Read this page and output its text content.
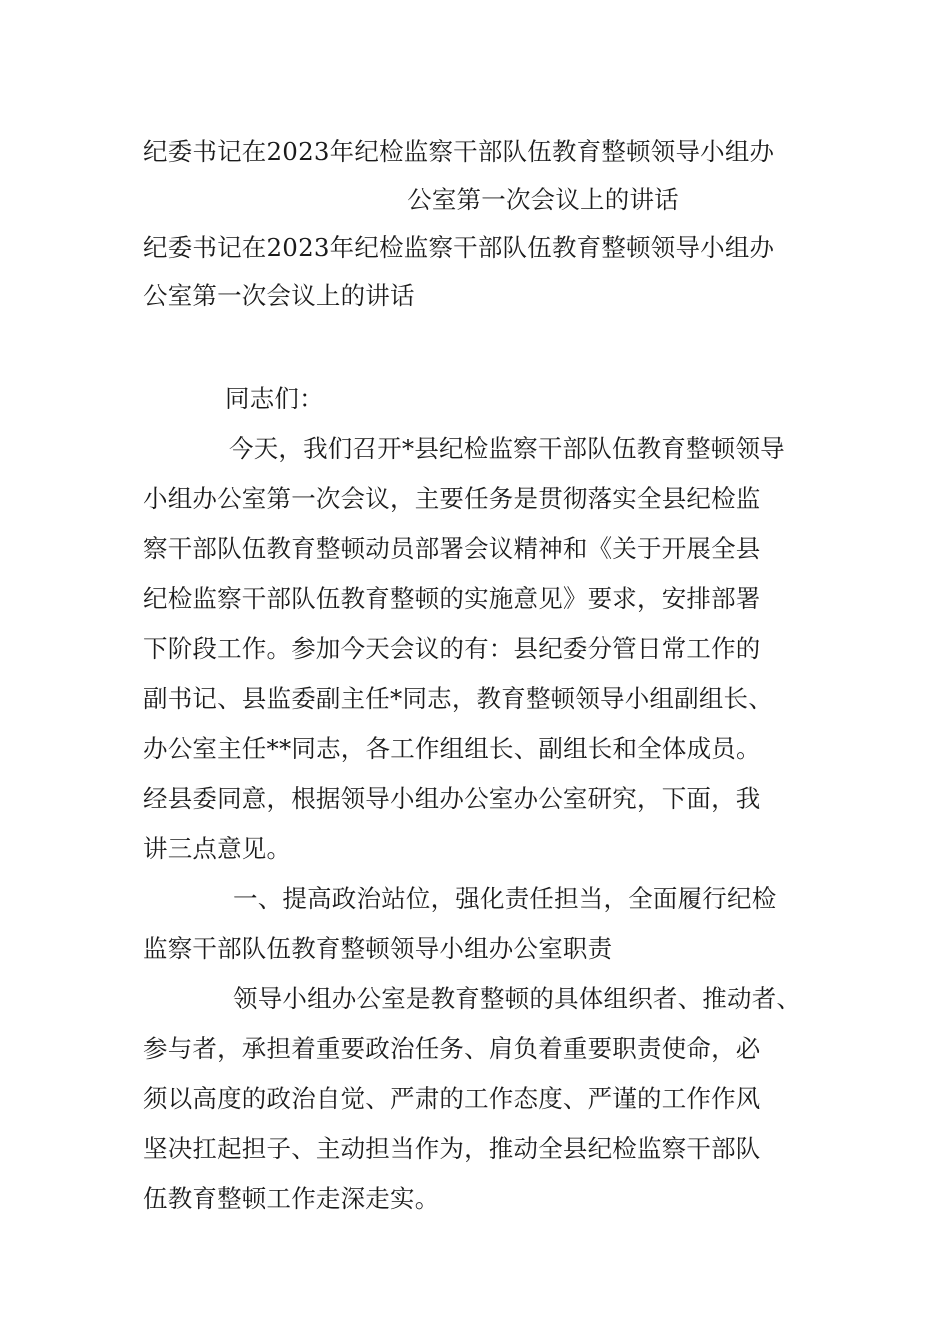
纪委书记在2023年纪检监察干部队伍教育整顿领导小组办
公室第一次会议上的讲话
纪委书记在2023年纪检监察干部队伍教育整顿领导小组办
公室第一次会议上的讲话
同志们：
今天，我们召开*县纪检监察干部队伍教育整顿领导
小组办公室第一次会议，主要任务是贯彻落实全县纪检监
察干部队伍教育整顿动员部署会议精神和《关于开展全县
纪检监察干部队伍教育整顿的实施意见》要求，安排部署
下阶段工作。参加今天会议的有：县纪委分管日常工作的
副书记、县监委副主任*同志，教育整顿领导小组副组长、
办公室主任**同志，各工作组组长、副组长和全体成员。
经县委同意，根据领导小组办公室办公室研究，下面，我
讲三点意见。
一、提高政治站位，强化责任担当，全面履行纪检
监察干部队伍教育整顿领导小组办公室职责
领导小组办公室是教育整顿的具体组织者、推动者、
参与者，承担着重要政治任务、肩负着重要职责使命，必
须以高度的政治自觉、严肃的工作态度、严谨的工作作风
坚决扛起担子、主动担当作为，推动全县纪检监察干部队
伍教育整顿工作走深走实。
